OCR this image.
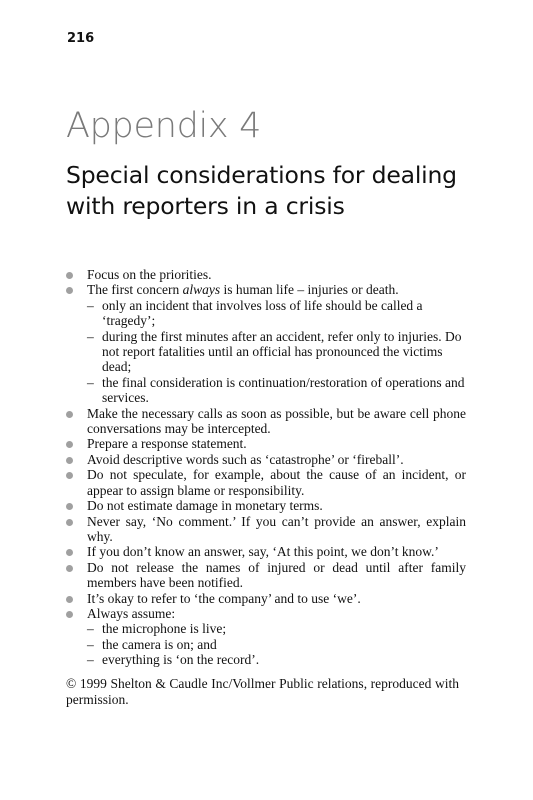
216
Appendix 4
Special considerations for dealing with reporters in a crisis
Focus on the priorities.
The first concern always is human life – injuries or death.
– only an incident that involves loss of life should be called a ‘tragedy’;
– during the first minutes after an accident, refer only to injuries. Do not report fatalities until an official has pronounced the victims dead;
– the final consideration is continuation/restoration of operations and services.
Make the necessary calls as soon as possible, but be aware cell phone conversations may be intercepted.
Prepare a response statement.
Avoid descriptive words such as ‘catastrophe’ or ‘fireball’.
Do not speculate, for example, about the cause of an incident, or appear to assign blame or responsibility.
Do not estimate damage in monetary terms.
Never say, ‘No comment.’ If you can’t provide an answer, explain why.
If you don’t know an answer, say, ‘At this point, we don’t know.’
Do not release the names of injured or dead until after family members have been notified.
It’s okay to refer to ‘the company’ and to use ‘we’.
Always assume:
– the microphone is live;
– the camera is on; and
– everything is ‘on the record’.
© 1999 Shelton & Caudle Inc/Vollmer Public relations, reproduced with permission.
